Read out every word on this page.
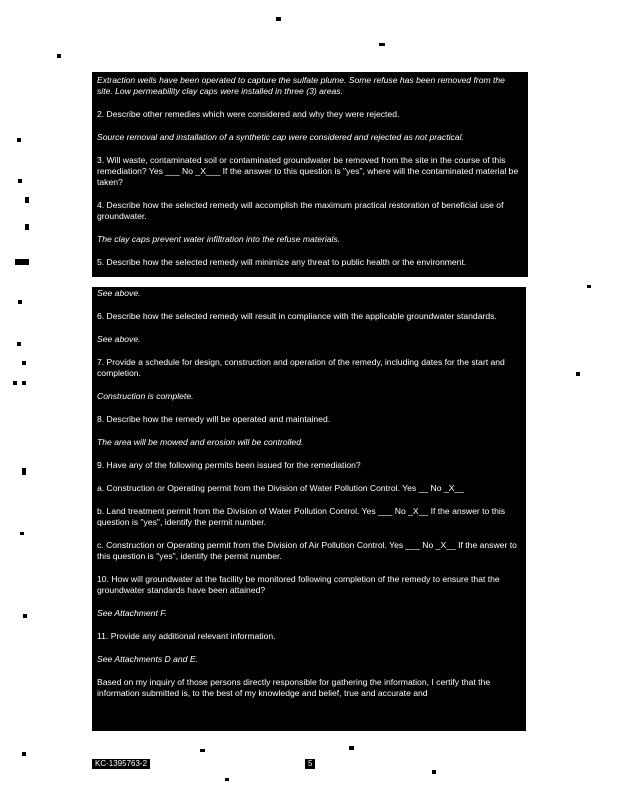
Extraction wells have been operated to capture the sulfate plume. Some refuse has been removed from the site. Low permeability clay caps were installed in three (3) areas.

2. Describe other remedies which were considered and why they were rejected.

Source removal and installation of a synthetic cap were considered and rejected as not practical.

3. Will waste, contaminated soil or contaminated groundwater be removed from the site in the course of this remediation? Yes ___ No _X___ If the answer to this question is "yes", where will the contaminated material be taken?

4. Describe how the selected remedy will accomplish the maximum practical restoration of beneficial use of groundwater.

The clay caps prevent water infiltration into the refuse materials.

5. Describe how the selected remedy will minimize any threat to public health or the environment.

See above.

6. Describe how the selected remedy will result in compliance with the applicable groundwater standards.

See above.

7. Provide a schedule for design, construction and operation of the remedy, including dates for the start and completion.

Construction is complete.

8. Describe how the remedy will be operated and maintained.

The area will be mowed and erosion will be controlled.

9. Have any of the following permits been issued for the remediation?

a. Construction or Operating permit from the Division of Water Pollution Control. Yes __ No _X__

b. Land treatment permit from the Division of Water Pollution Control. Yes ___ No _X__ If the answer to this question is "yes", identify the permit number.

c. Construction or Operating permit from the Division of Air Pollution Control. Yes ___ No _X__ If the answer to this question is "yes", identify the permit number.

10. How will groundwater at the facility be monitored following completion of the remedy to ensure that the groundwater standards have been attained?

See Attachment F.

11. Provide any additional relevant information.

See Attachments D and E.

Based on my inquiry of those persons directly responsible for gathering the information, I certify that the information submitted is, to the best of my knowledge and belief, true and accurate and

KC-1395763-2	5
